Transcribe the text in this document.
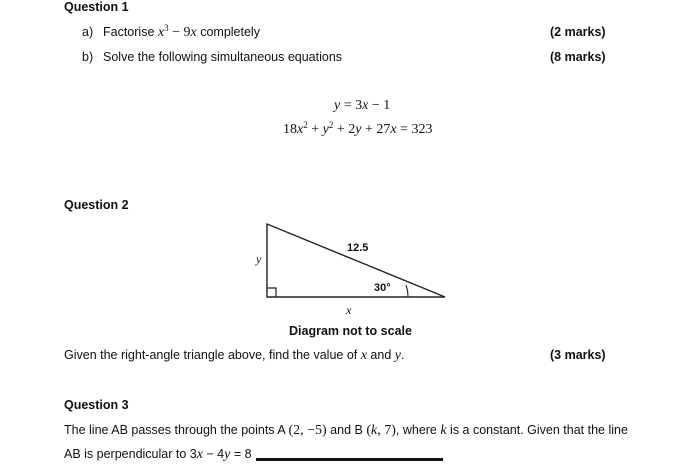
Question 1
a) Factorise $x^3 - 9x$ completely	(2 marks)
b) Solve the following simultaneous equations	(8 marks)
y = 3x − 1
$18x^2 + y^2 + 2y + 27x = 323$
Question 2
12.5
30°
y
x
Diagram not to scale
Given the right-angle triangle above, find the value of x and y.	(3 marks)
Question 3
The line AB passes through the points A (2, −5) and B (k, 7), where k is a constant. Given that the line
AB is perpendicular to 3x − 4y = 8
